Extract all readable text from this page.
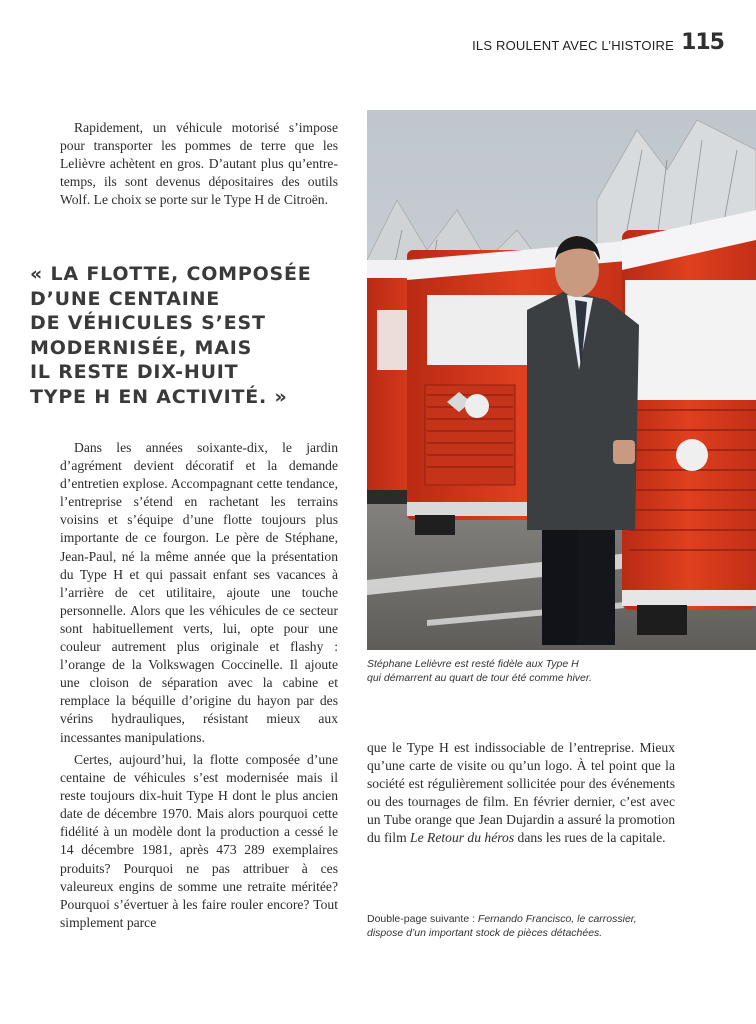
ILS ROULENT AVEC L’HISTOIRE 115

Rapidement, un véhicule motorisé s’impose pour transporter les pommes de terre que les Lelièvre achètent en gros. D’autant plus qu’entre-temps, ils sont devenus dépositaires des outils Wolf. Le choix se porte sur le Type H de Citroën.

« LA FLOTTE, COMPOSÉE
D’UNE CENTAINE
DE VÉHICULES S’EST
MODERNISÉE, MAIS
IL RESTE DIX-HUIT
TYPE H EN ACTIVITÉ. »

Dans les années soixante-dix, le jardin d’agrément devient décoratif et la demande d’entretien explose. Accompagnant cette tendance, l’entreprise s’étend en rachetant les terrains voisins et s’équipe d’une flotte toujours plus importante de ce fourgon. Le père de Stéphane, Jean-Paul, né la même année que la présentation du Type H et qui passait enfant ses vacances à l’arrière de cet utilitaire, ajoute une touche personnelle. Alors que les véhicules de ce secteur sont habituellement verts, lui, opte pour une couleur autrement plus originale et flashy : l’orange de la Volkswagen Coccinelle. Il ajoute une cloison de séparation avec la cabine et remplace la béquille d’origine du hayon par des vérins hydrauliques, résistant mieux aux incessantes manipulations.

Certes, aujourd’hui, la flotte composée d’une centaine de véhicules s’est modernisée mais il reste toujours dix-huit Type H dont le plus ancien date de décembre 1970. Mais alors pourquoi cette fidélité à un modèle dont la production a cessé le 14 décembre 1981, après 473 289 exemplaires produits? Pourquoi ne pas attribuer à ces valeureux engins de somme une retraite méritée? Pourquoi s’évertuer à les faire rouler encore? Tout simplement parce

Stéphane Lelièvre est resté fidèle aux Type H
qui démarrent au quart de tour été comme hiver.

que le Type H est indissociable de l’entreprise. Mieux qu’une carte de visite ou qu’un logo. À tel point que la société est régulièrement sollicitée pour des événements ou des tournages de film. En février dernier, c’est avec un Tube orange que Jean Dujardin a assuré la promotion du film Le Retour du héros dans les rues de la capitale.

Double-page suivante : Fernando Francisco, le carrossier, dispose d’un important stock de pièces détachées.
